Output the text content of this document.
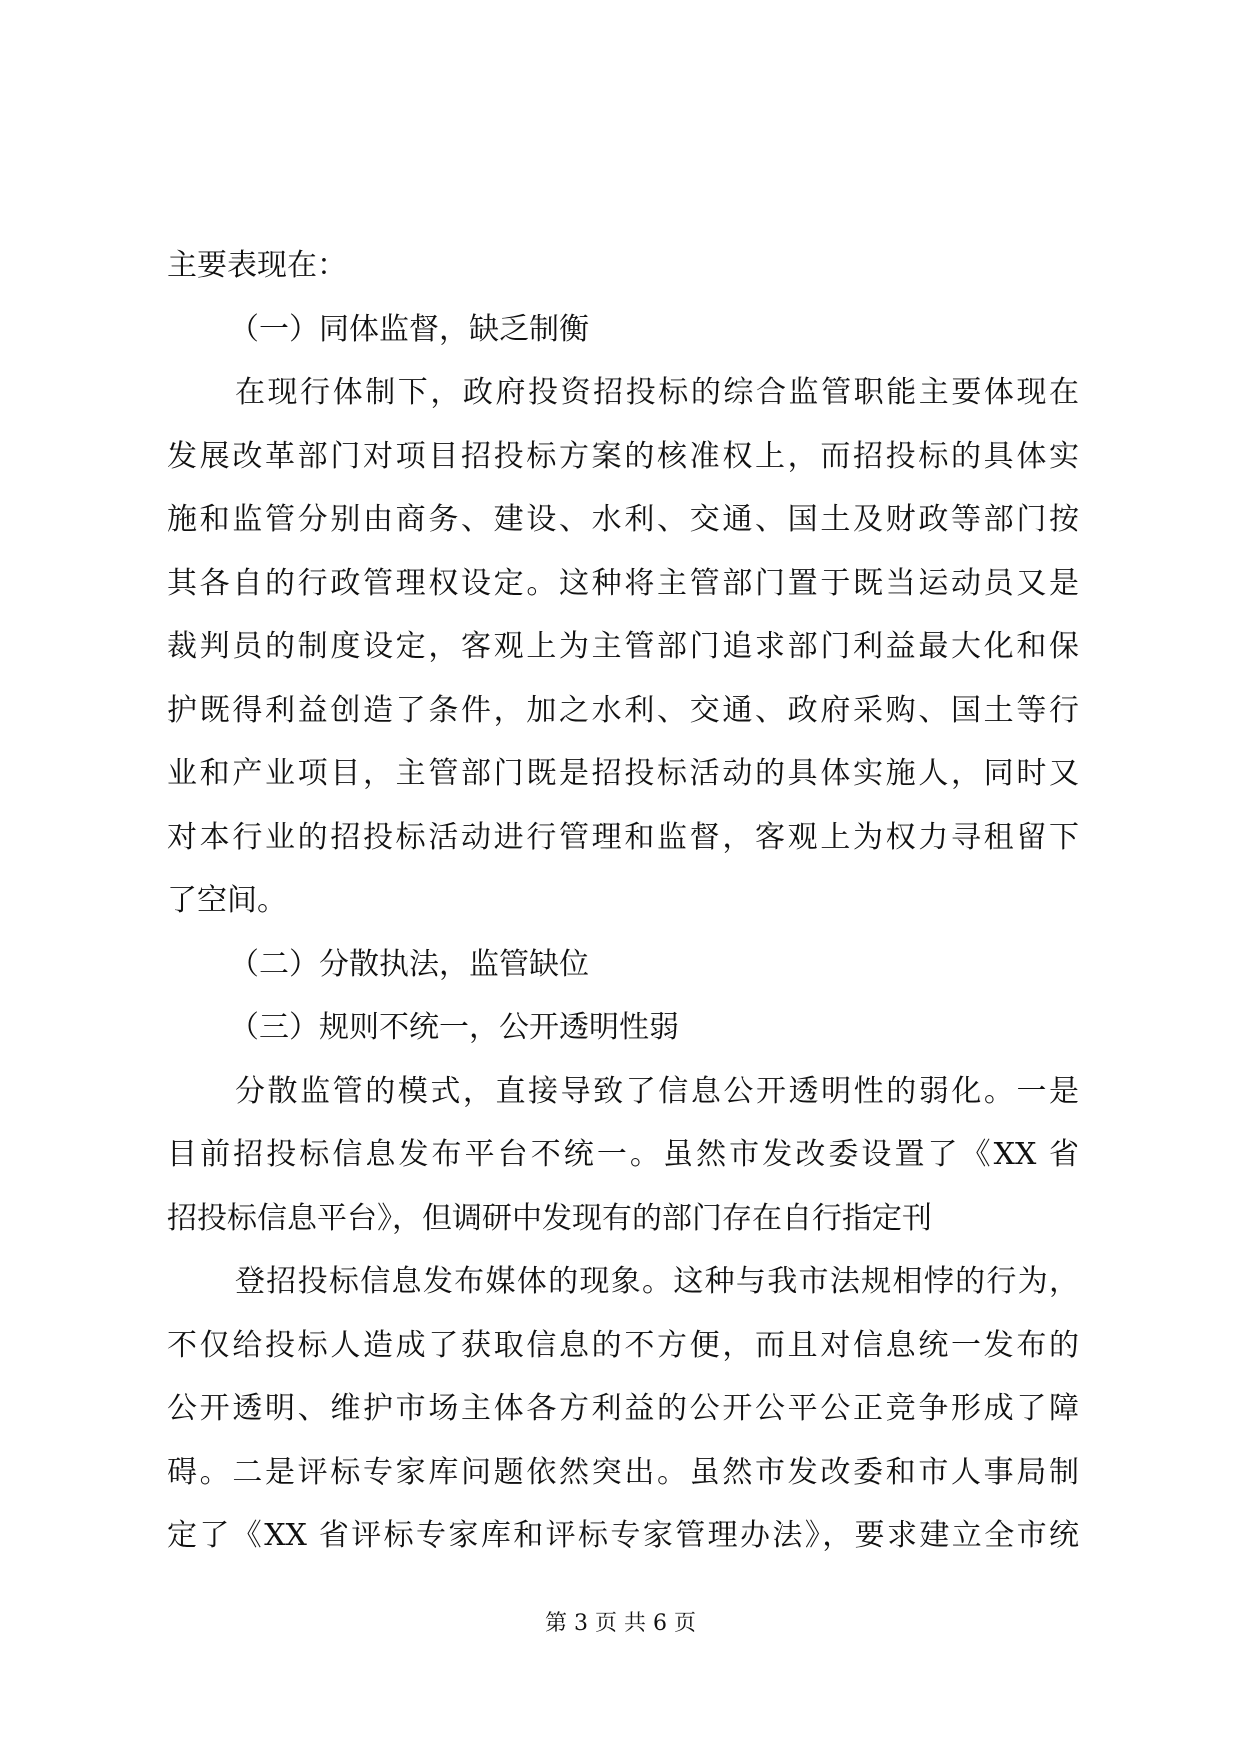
主要表现在：

（一）同体监督，缺乏制衡

在现行体制下，政府投资招投标的综合监管职能主要体现在

发展改革部门对项目招投标方案的核准权上，而招投标的具体实

施和监管分别由商务、建设、水利、交通、国土及财政等部门按

其各自的行政管理权设定。这种将主管部门置于既当运动员又是

裁判员的制度设定，客观上为主管部门追求部门利益最大化和保

护既得利益创造了条件，加之水利、交通、政府采购、国土等行

业和产业项目，主管部门既是招投标活动的具体实施人，同时又

对本行业的招投标活动进行管理和监督，客观上为权力寻租留下

了空间。

（二）分散执法，监管缺位

（三）规则不统一，公开透明性弱

分散监管的模式，直接导致了信息公开透明性的弱化。一是

目前招投标信息发布平台不统一。虽然市发改委设置了《XX 省

招投标信息平台》，但调研中发现有的部门存在自行指定刊

登招投标信息发布媒体的现象。这种与我市法规相悖的行为，

不仅给投标人造成了获取信息的不方便，而且对信息统一发布的

公开透明、维护市场主体各方利益的公开公平公正竞争形成了障

碍。二是评标专家库问题依然突出。虽然市发改委和市人事局制

定了《XX 省评标专家库和评标专家管理办法》，要求建立全市统

第 3 页 共 6 页
